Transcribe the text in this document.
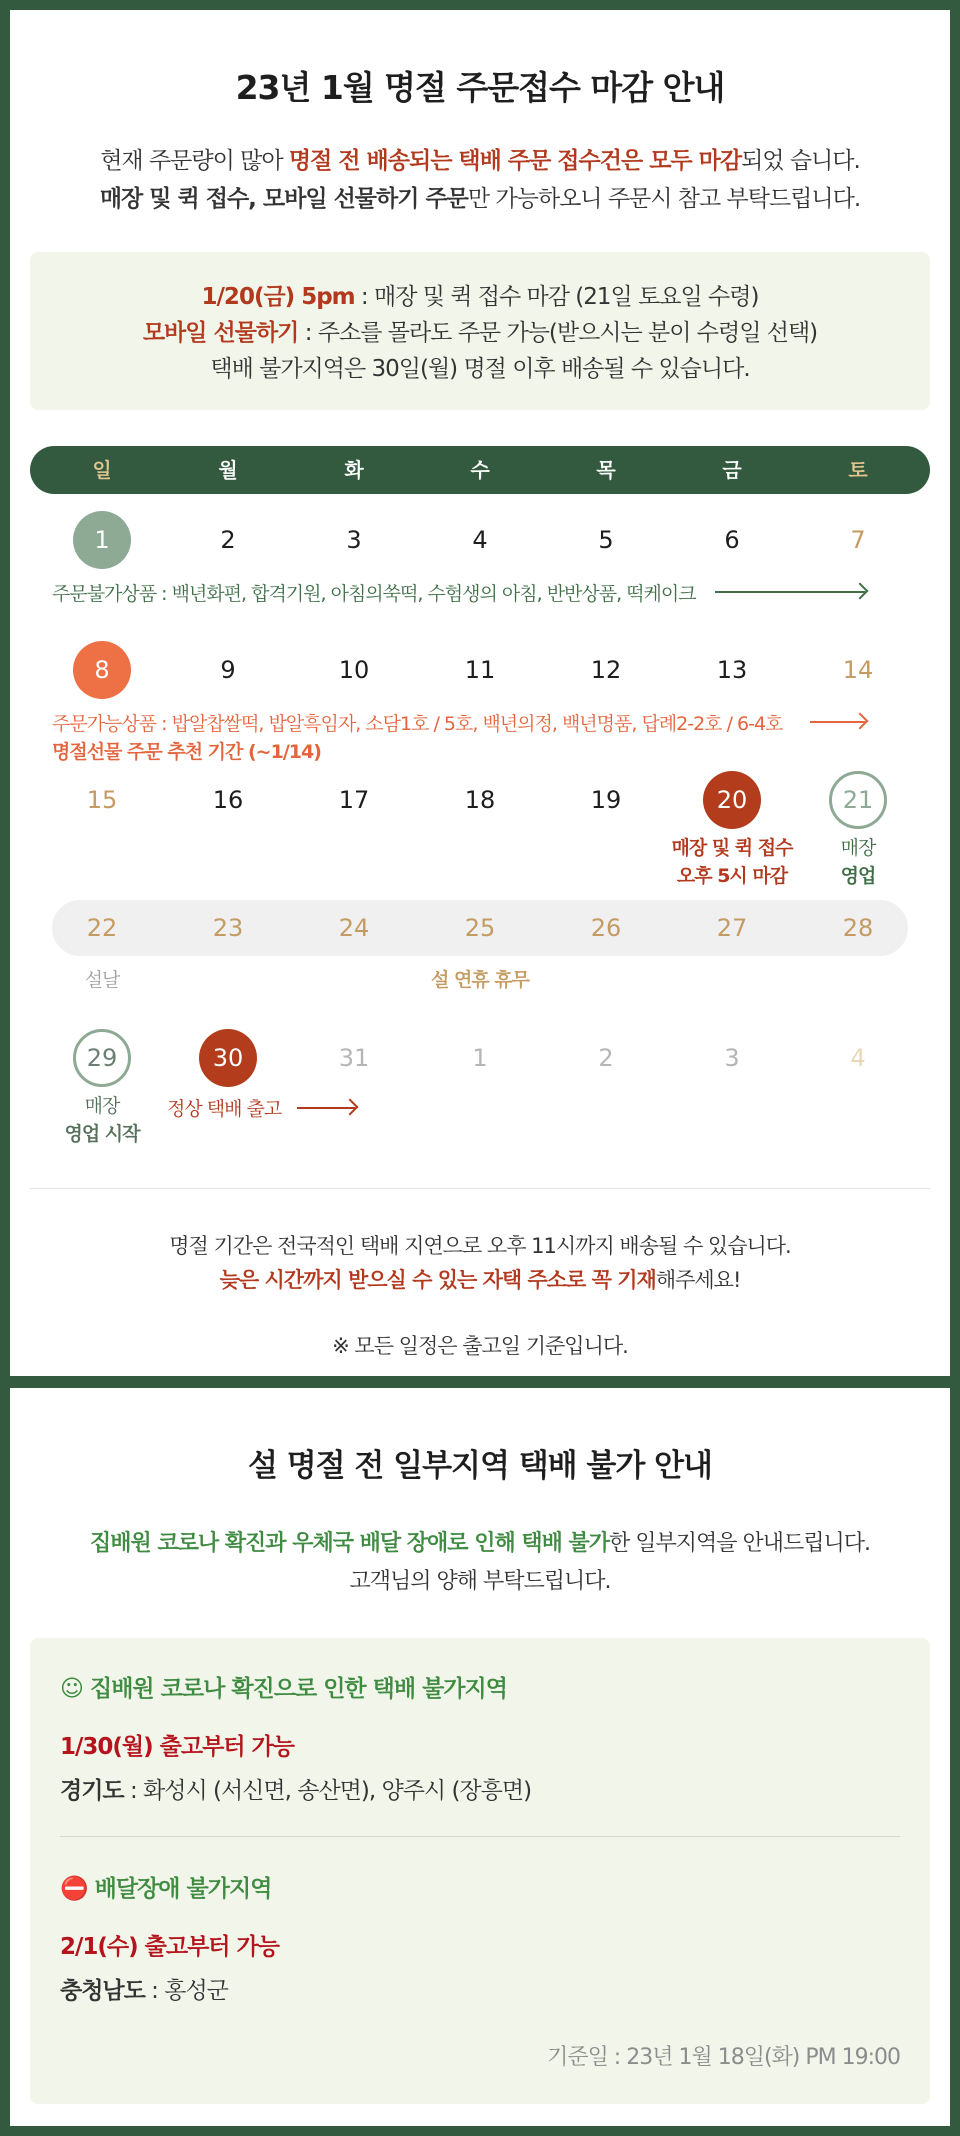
23년 1월 명절 주문접수 마감 안내
현재 주문량이 많아 명절 전 배송되는 택배 주문 접수건은 모두 마감되었 습니다.
매장 및 퀵 접수, 모바일 선물하기 주문만 가능하오니 주문시 참고 부탁드립니다.
1/20(금) 5pm : 매장 및 퀵 접수 마감 (21일 토요일 수령)
모바일 선물하기 : 주소를 몰라도 주문 가능(받으시는 분이 수령일 선택)
택배 불가지역은 30일(월) 명절 이후 배송될 수 있습니다.
일	월	화	수	목	금	토
1	2	3	4	5	6	7
주문불가상품 : 백년화편, 합격기원, 아침의쑥떡, 수험생의 아침, 반반상품, 떡케이크
8	9	10	11	12	13	14
주문가능상품 : 밥알찹쌀떡, 밥알흑임자, 소담1호 / 5호, 백년의정, 백년명품, 답례2-2호 / 6-4호
명절선물 주문 추천 기간 (~1/14)
15	16	17	18	19	20	21
매장 및 퀵 접수
오후 5시 마감
매장
영업
22	23	24	25	26	27	28
설날	설 연휴 휴무
29	30	31	1	2	3	4
매장
영업 시작
정상 택배 출고
명절 기간은 전국적인 택배 지연으로 오후 11시까지 배송될 수 있습니다.
늦은 시간까지 받으실 수 있는 자택 주소로 꼭 기재해주세요!
※ 모든 일정은 출고일 기준입니다.
설 명절 전 일부지역 택배 불가 안내
집배원 코로나 확진과 우체국 배달 장애로 인해 택배 불가한 일부지역을 안내드립니다.
고객님의 양해 부탁드립니다.
☺ 집배원 코로나 확진으로 인한 택배 불가지역
1/30(월) 출고부터 가능
경기도 : 화성시 (서신면, 송산면), 양주시 (장흥면)
⛔ 배달장애 불가지역
2/1(수) 출고부터 가능
충청남도 : 홍성군
기준일 : 23년 1월 18일(화) PM 19:00
